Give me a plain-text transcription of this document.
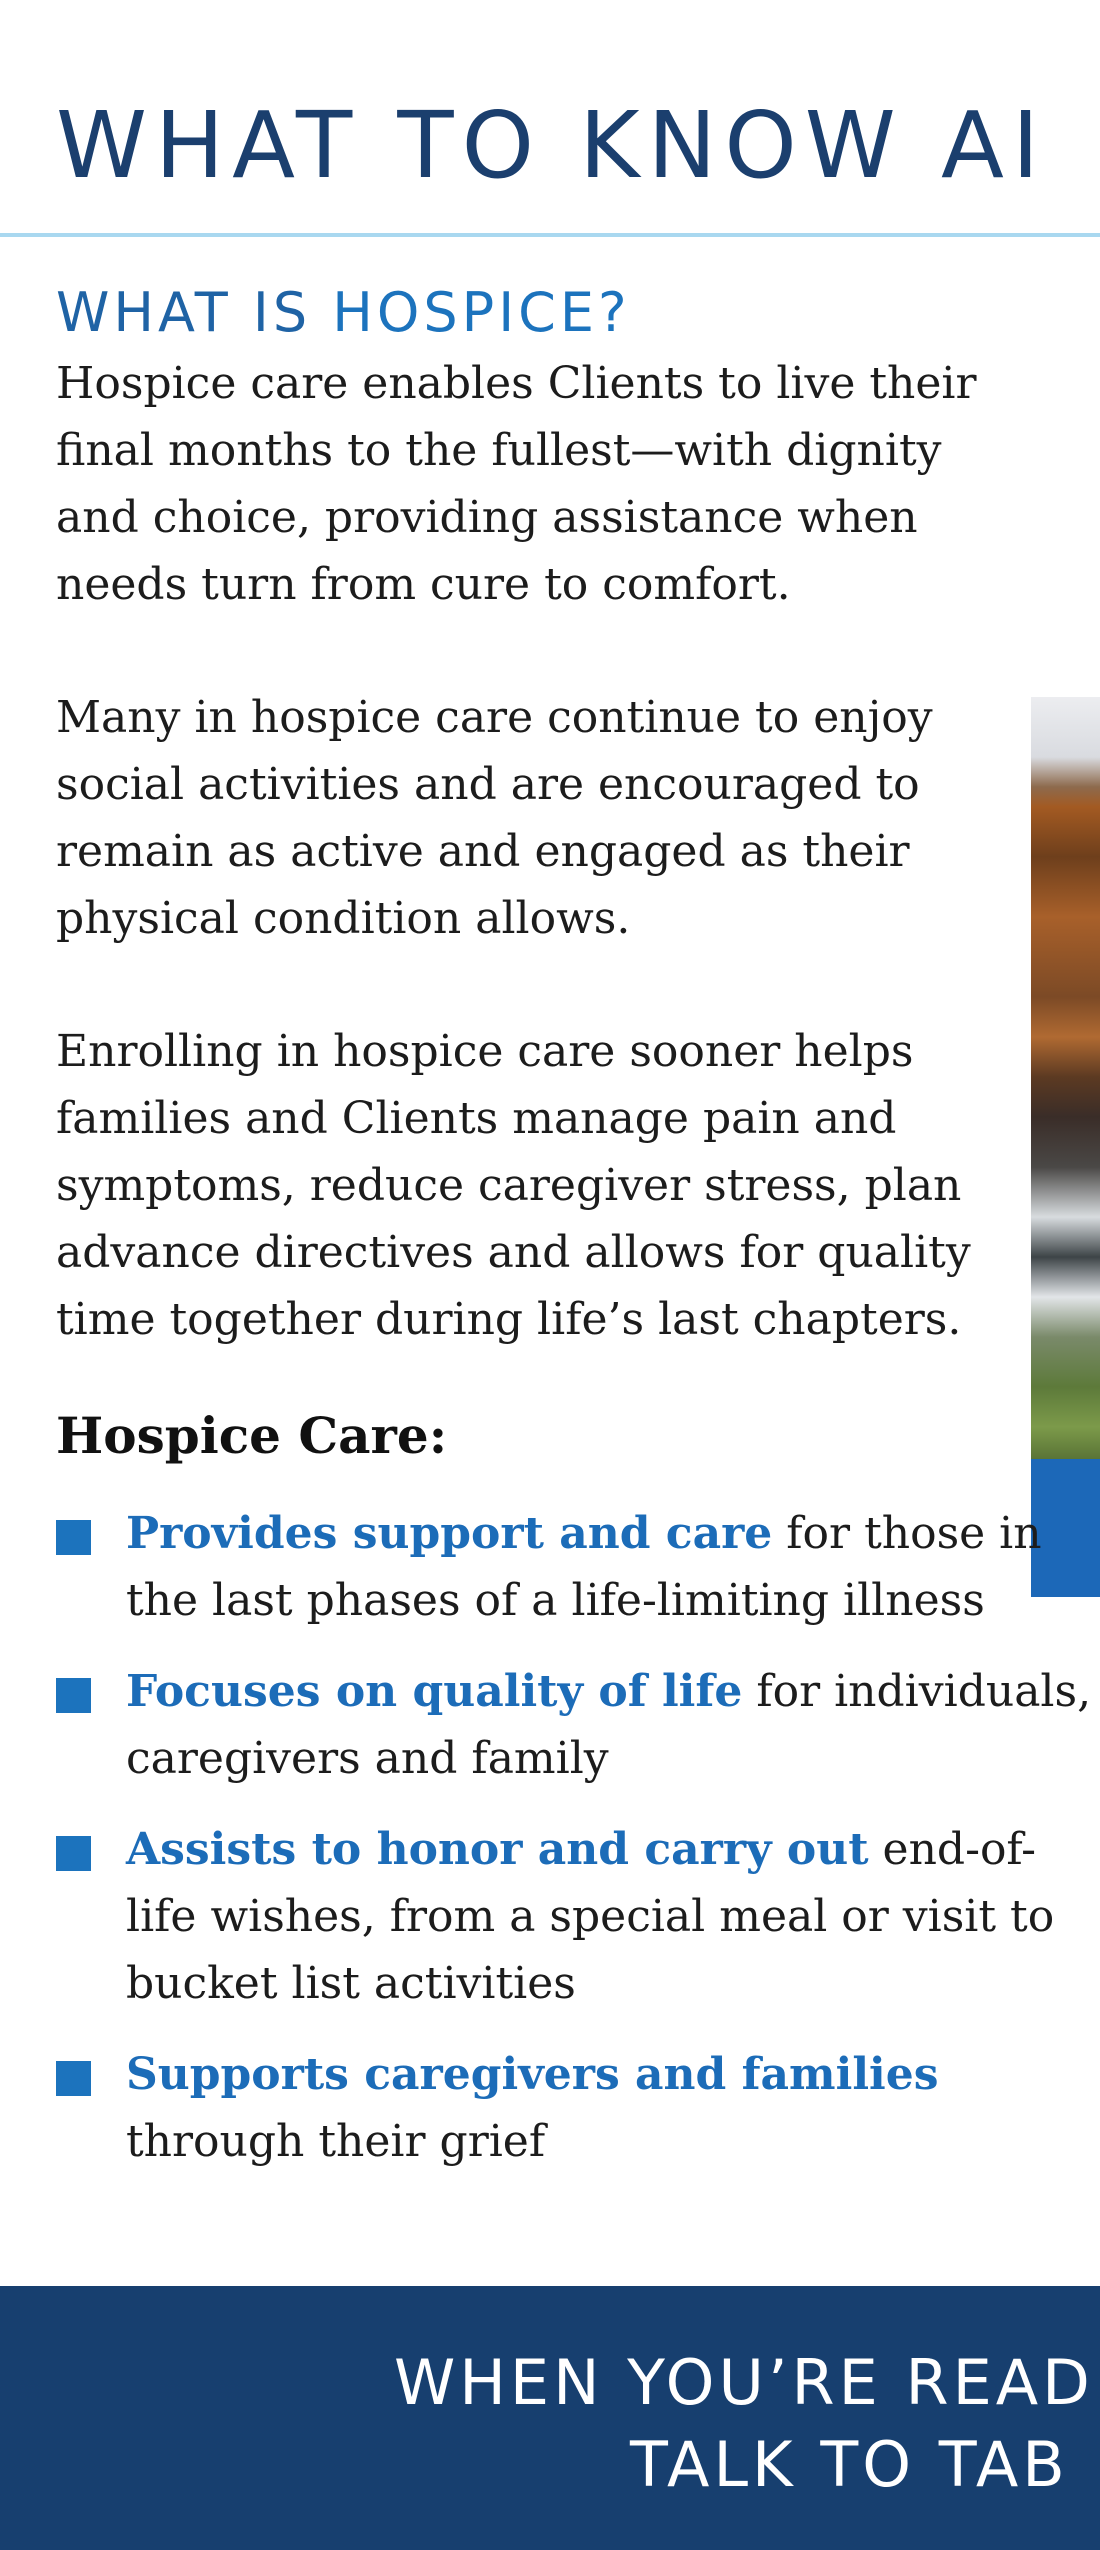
WHAT TO KNOW AI
WHAT IS HOSPICE?

Hospice care enables Clients to live their final months to the fullest—with dignity and choice, providing assistance when needs turn from cure to comfort.

Many in hospice care continue to enjoy social activities and are encouraged to remain as active and engaged as their physical condition allows.

Enrolling in hospice care sooner helps families and Clients manage pain and symptoms, reduce caregiver stress, plan advance directives and allows for quality time together during life’s last chapters.

Hospice Care:
Provides support and care for those in the last phases of a life-limiting illness
Focuses on quality of life for individuals, caregivers and family
Assists to honor and carry out end-of-life wishes, from a special meal or visit to bucket list activities
Supports caregivers and families through their grief

WHEN YOU’RE READ

TALK TO TAB
